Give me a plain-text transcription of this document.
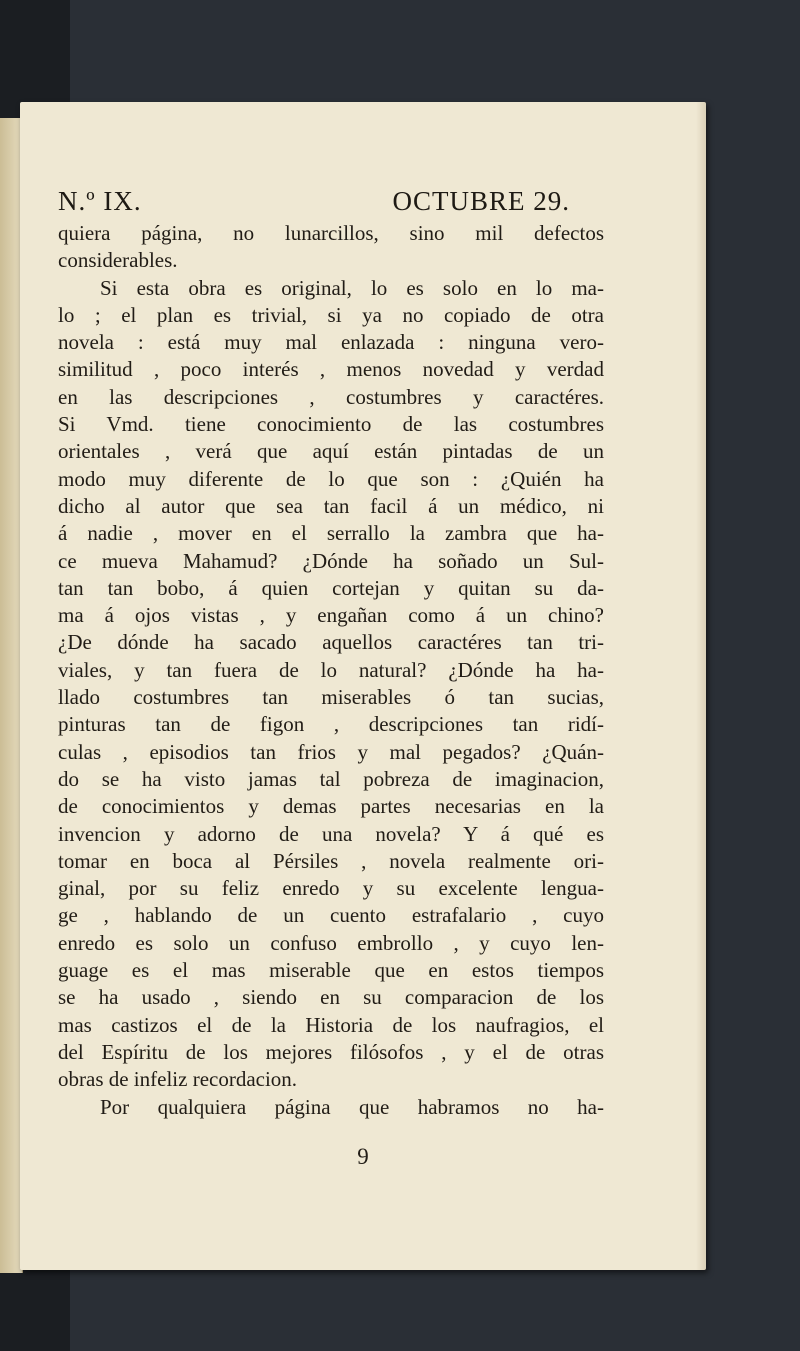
N.º IX.	OCTUBRE 29.
quiera página, no lunarcillos, sino mil defectos
considerables.
Si esta obra es original, lo es solo en lo ma-
lo ; el plan es trivial, si ya no copiado de otra
novela : está muy mal enlazada : ninguna vero-
similitud , poco interés , menos novedad y verdad
en las descripciones , costumbres y caractéres.
Si Vmd. tiene conocimiento de las costumbres
orientales , verá que aquí están pintadas de un
modo muy diferente de lo que son : ¿Quién ha
dicho al autor que sea tan facil á un médico, ni
á nadie , mover en el serrallo la zambra que ha-
ce mueva Mahamud? ¿Dónde ha soñado un Sul-
tan tan bobo, á quien cortejan y quitan su da-
ma á ojos vistas , y engañan como á un chino?
¿De dónde ha sacado aquellos caractéres tan tri-
viales, y tan fuera de lo natural? ¿Dónde ha ha-
llado costumbres tan miserables ó tan sucias,
pinturas tan de figon , descripciones tan ridí-
culas , episodios tan frios y mal pegados? ¿Quán-
do se ha visto jamas tal pobreza de imaginacion,
de conocimientos y demas partes necesarias en la
invencion y adorno de una novela? Y á qué es
tomar en boca al Pérsiles , novela realmente ori-
ginal, por su feliz enredo y su excelente lengua-
ge , hablando de un cuento estrafalario , cuyo
enredo es solo un confuso embrollo , y cuyo len-
guage es el mas miserable que en estos tiempos
se ha usado , siendo en su comparacion de los
mas castizos el de la Historia de los naufragios, el
del Espíritu de los mejores filósofos , y el de otras
obras de infeliz recordacion.
Por qualquiera página que habramos no ha-
9
